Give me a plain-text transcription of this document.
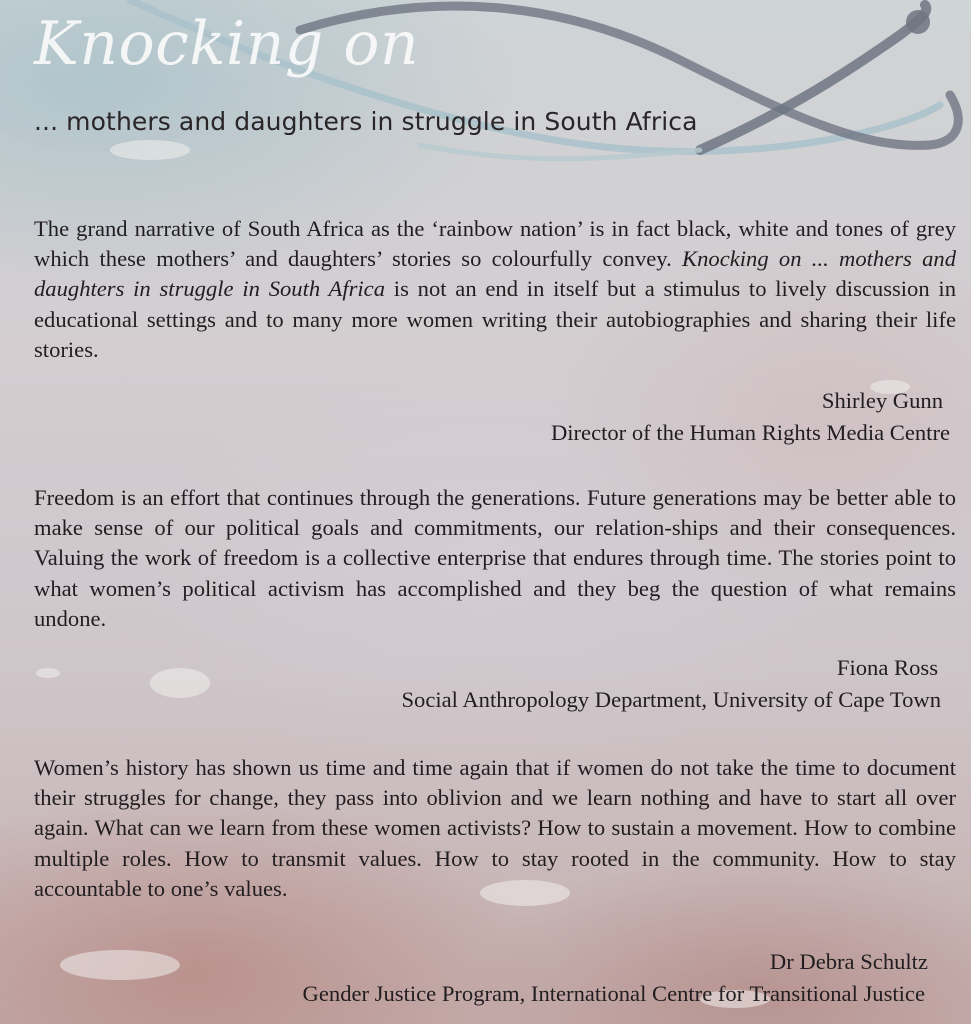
Knocking on

... mothers and daughters in struggle in South Africa

The grand narrative of South Africa as the ‘rainbow nation’ is in fact black, white and tones of grey which these mothers’ and daughters’ stories so colourfully convey. Knocking on ... mothers and daughters in struggle in South Africa is not an end in itself but a stimulus to lively discussion in educational settings and to many more women writing their autobiographies and sharing their life stories.

Shirley Gunn
Director of the Human Rights Media Centre

Freedom is an effort that continues through the generations. Future generations may be better able to make sense of our political goals and commitments, our relation-ships and their consequences. Valuing the work of freedom is a collective enterprise that endures through time. The stories point to what women’s political activism has accomplished and they beg the question of what remains undone.

Fiona Ross
Social Anthropology Department, University of Cape Town

Women’s history has shown us time and time again that if women do not take the time to document their struggles for change, they pass into oblivion and we learn nothing and have to start all over again. What can we learn from these women activists? How to sustain a movement. How to combine multiple roles. How to transmit values. How to stay rooted in the community. How to stay accountable to one’s values.

Dr Debra Schultz
Gender Justice Program, International Centre for Transitional Justice
